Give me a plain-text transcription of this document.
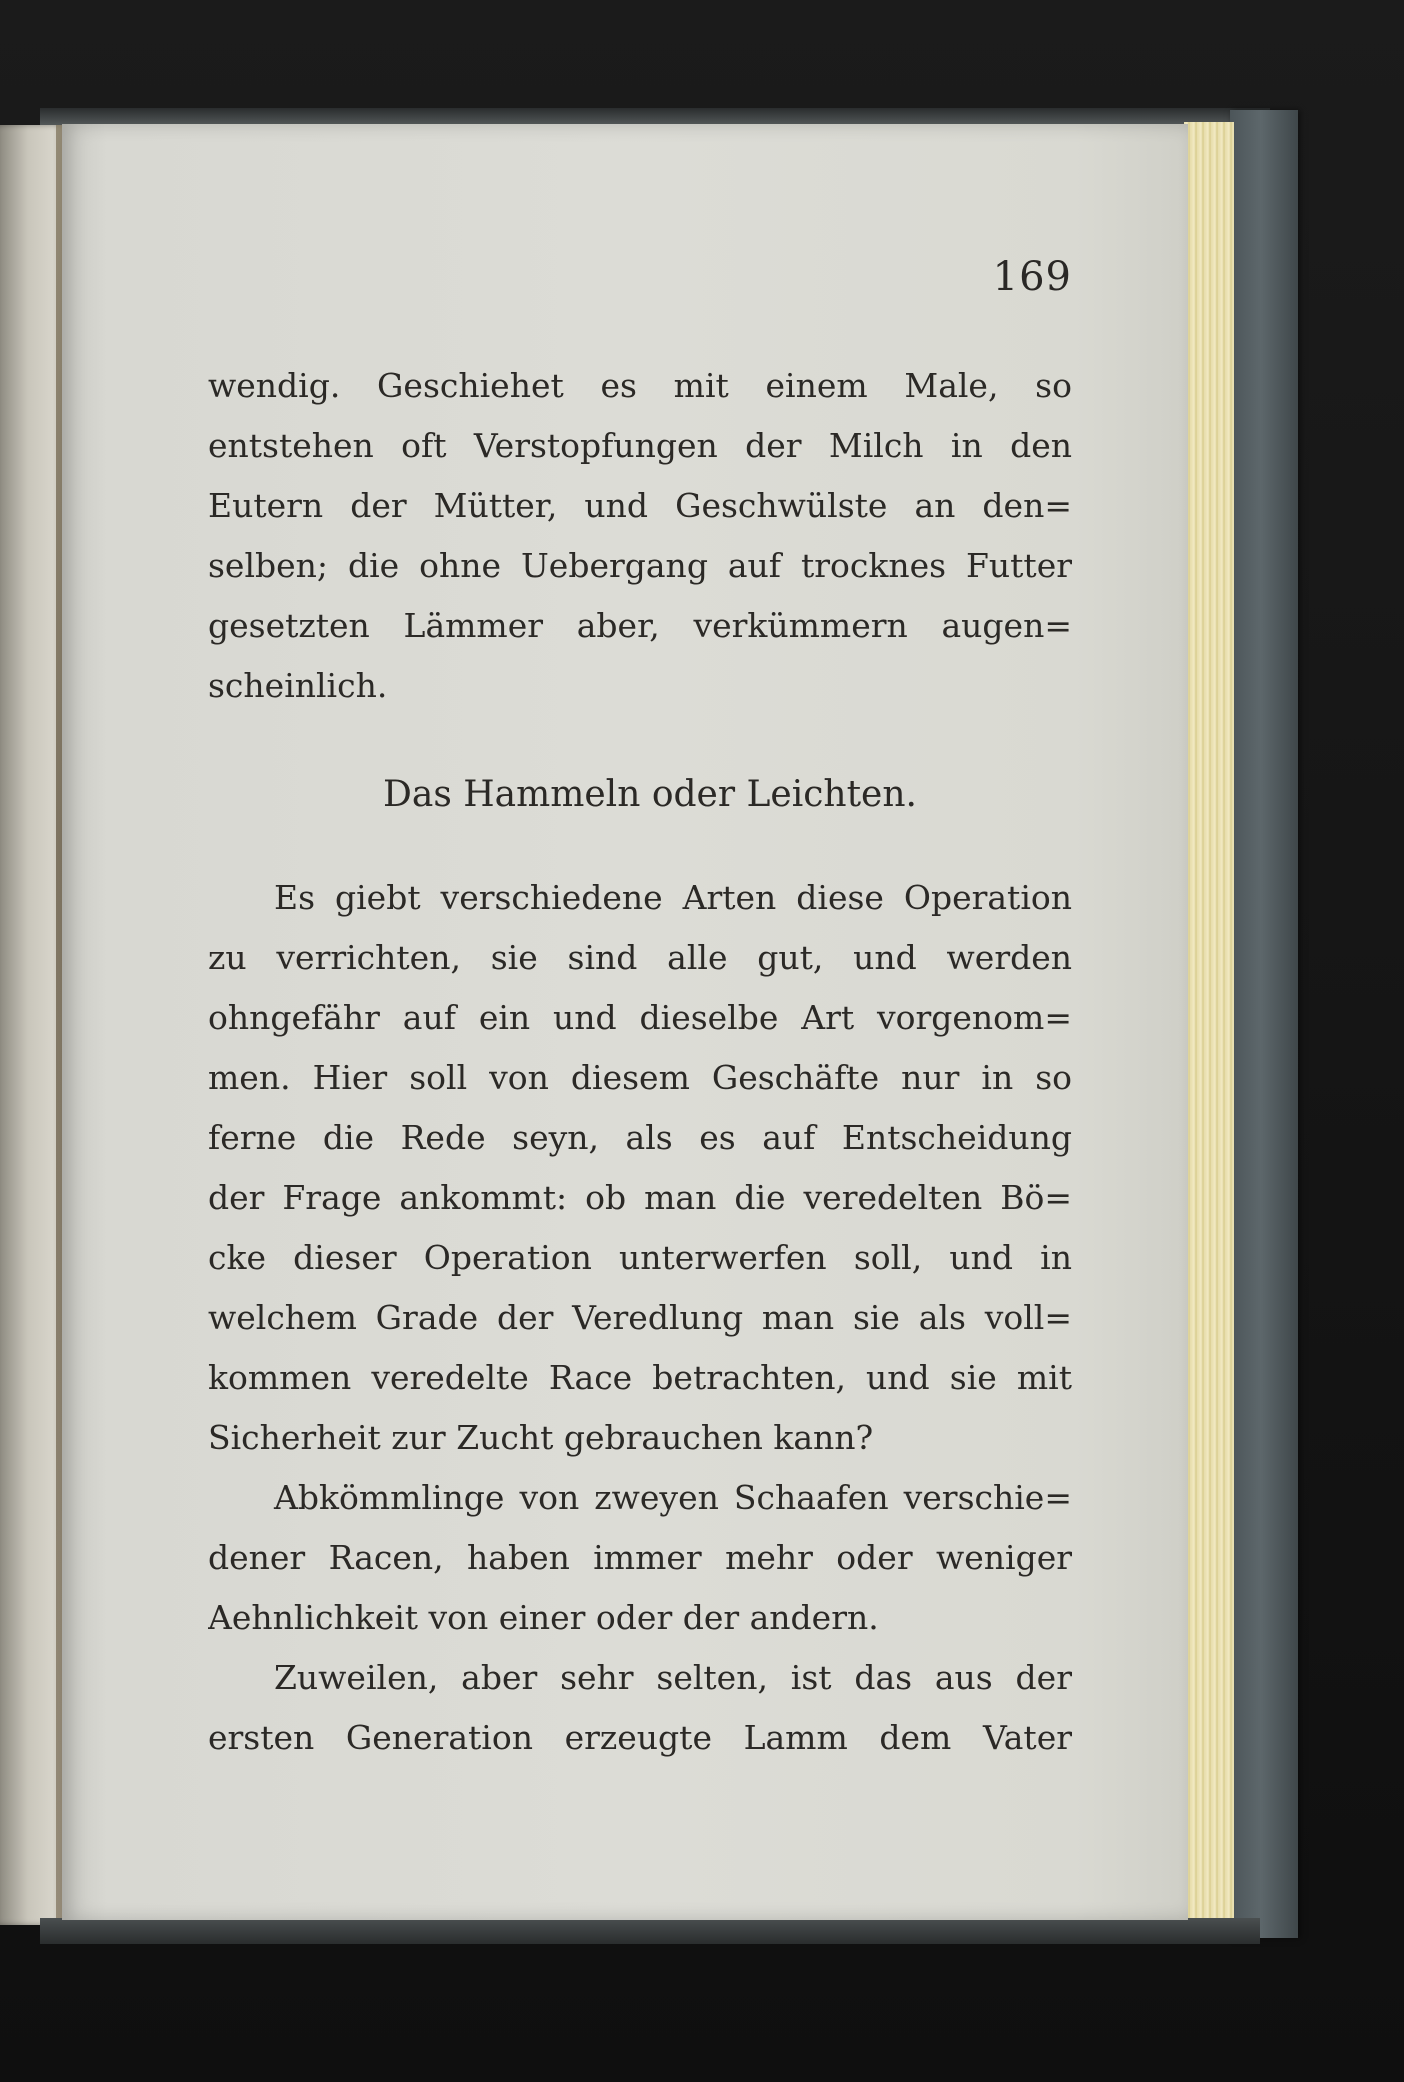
169
wendig. Geschiehet es mit einem Male, so
entstehen oft Verstopfungen der Milch in den
Eutern der Mütter, und Geschwülste an den=
selben; die ohne Uebergang auf trocknes Futter
gesetzten Lämmer aber, verkümmern augen=
scheinlich.
Das Hammeln oder Leichten.
Es giebt verschiedene Arten diese Operation
zu verrichten, sie sind alle gut, und werden
ohngefähr auf ein und dieselbe Art vorgenom=
men. Hier soll von diesem Geschäfte nur in so
ferne die Rede seyn, als es auf Entscheidung
der Frage ankommt: ob man die veredelten Bö=
cke dieser Operation unterwerfen soll, und in
welchem Grade der Veredlung man sie als voll=
kommen veredelte Race betrachten, und sie mit
Sicherheit zur Zucht gebrauchen kann?
Abkömmlinge von zweyen Schaafen verschie=
dener Racen, haben immer mehr oder weniger
Aehnlichkeit von einer oder der andern.
Zuweilen, aber sehr selten, ist das aus der
ersten Generation erzeugte Lamm dem Vater
